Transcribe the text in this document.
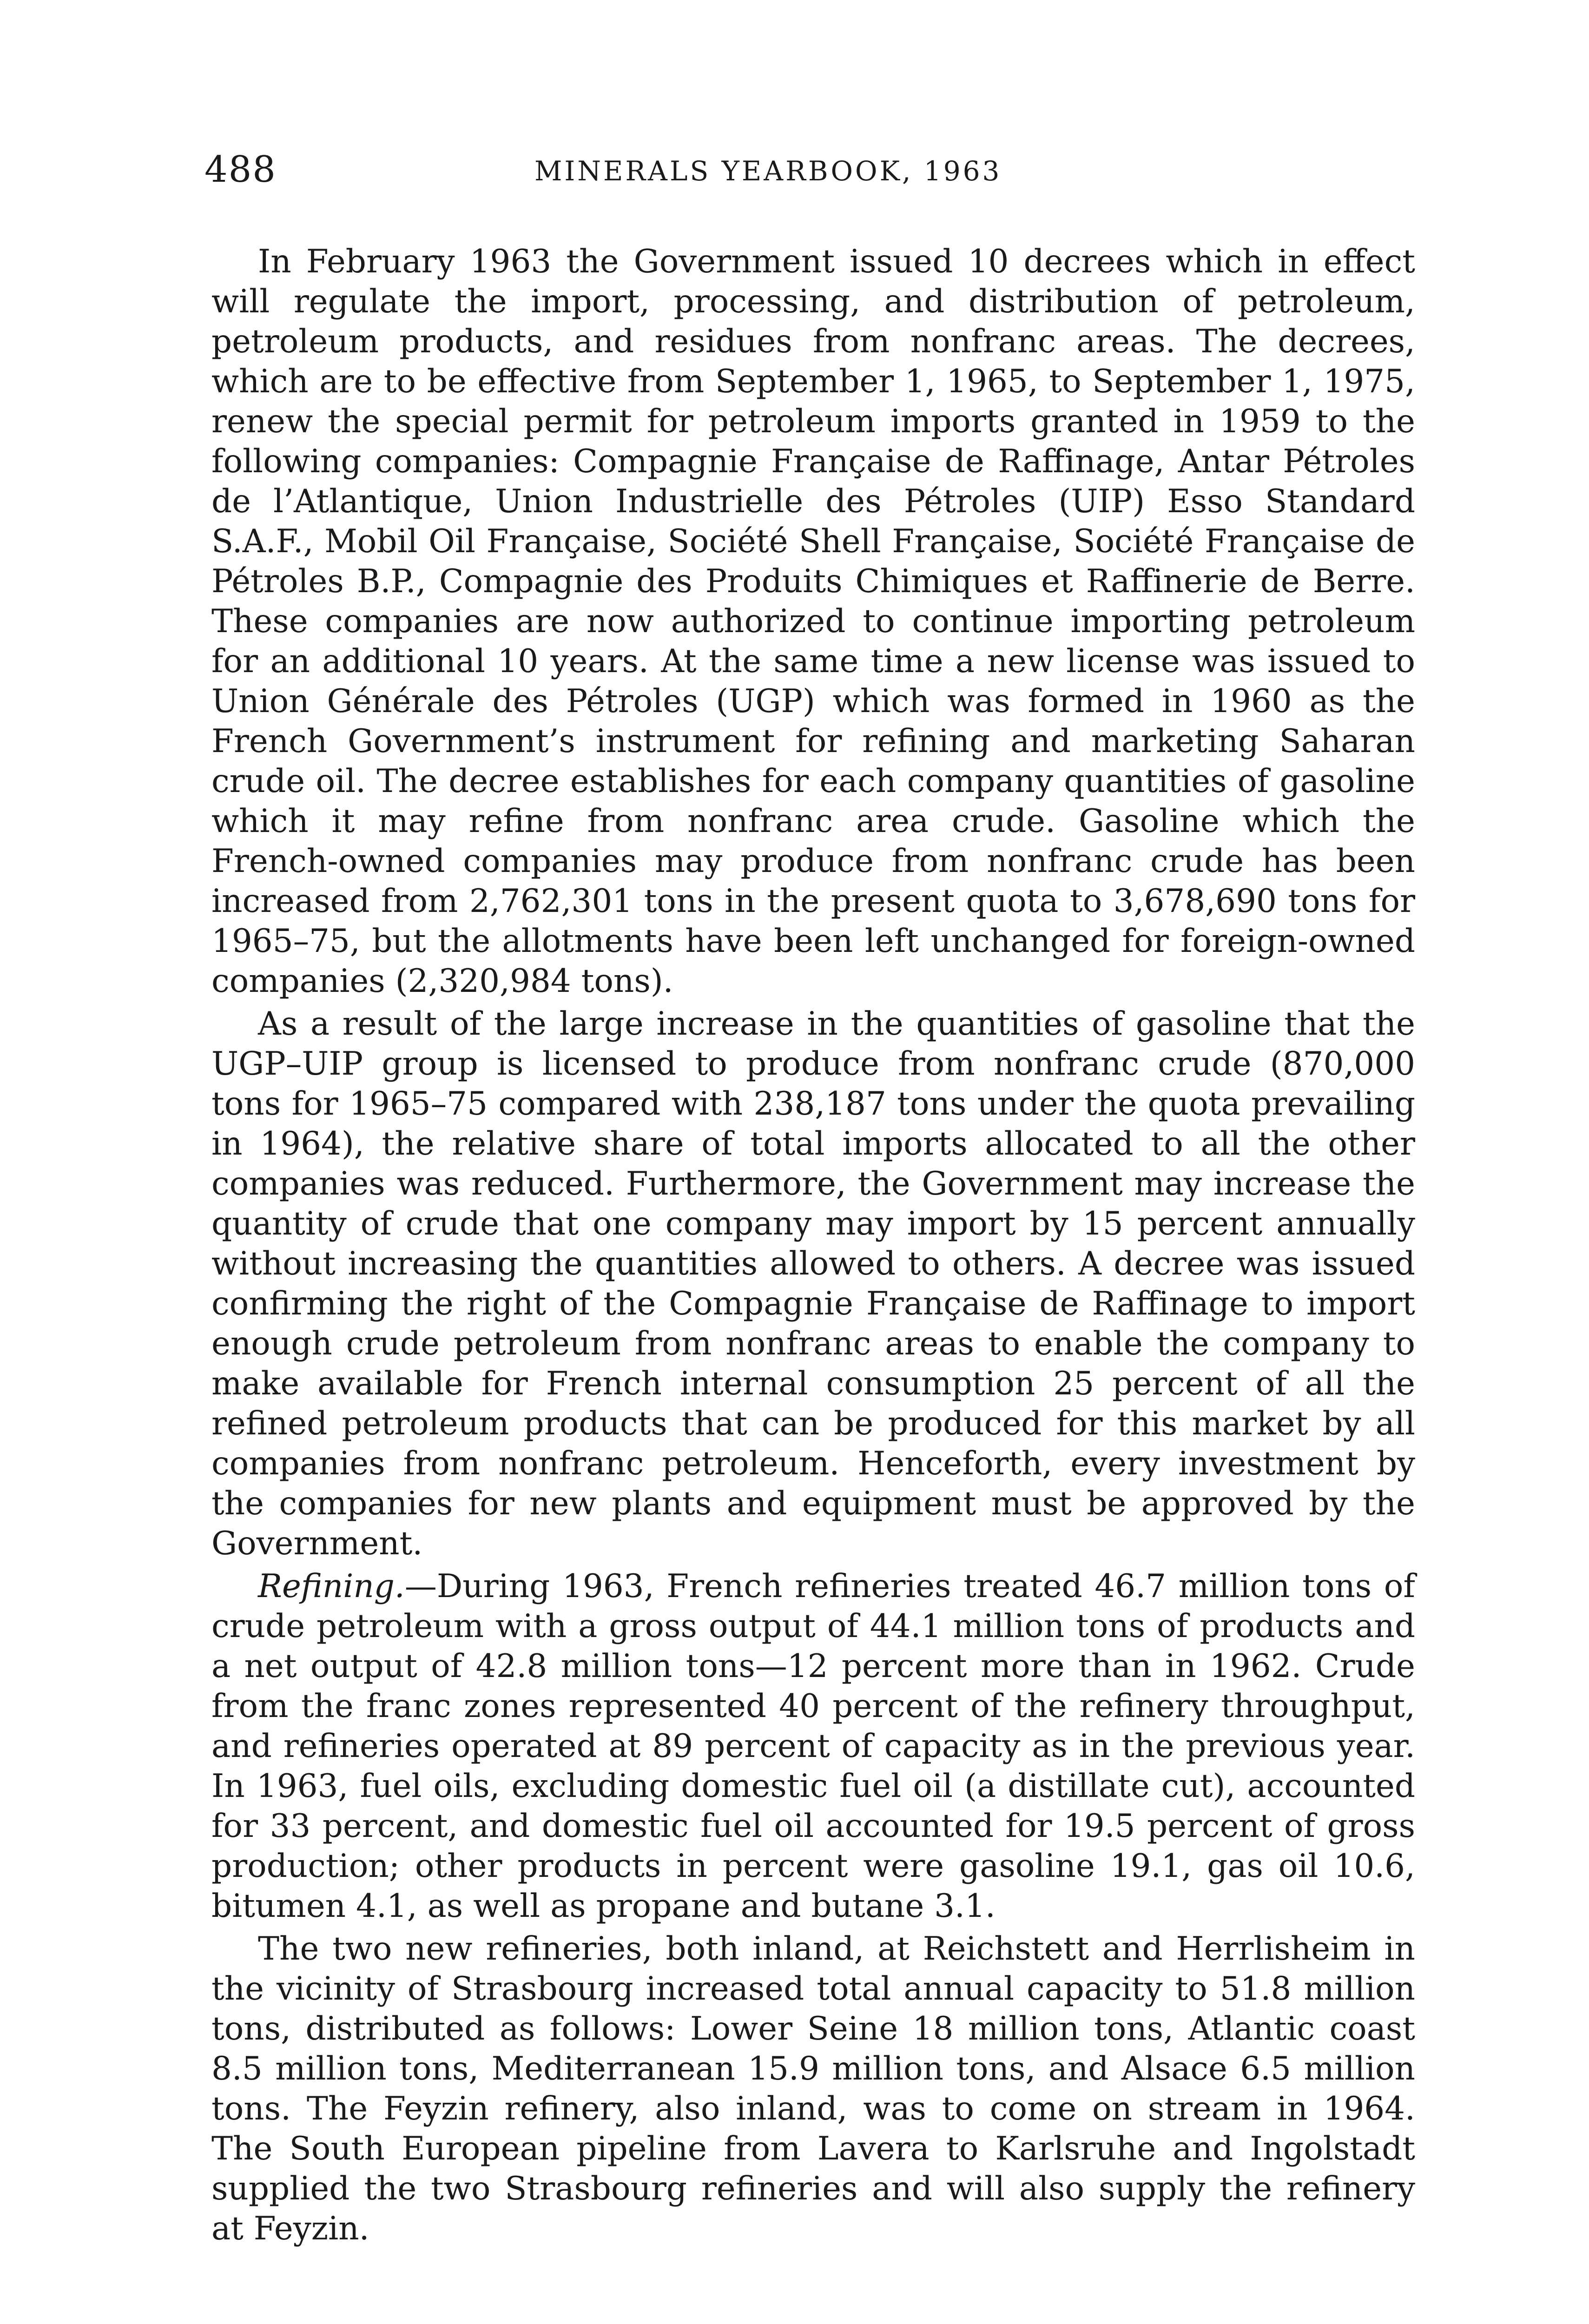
488	MINERALS YEARBOOK, 1963

In February 1963 the Government issued 10 decrees which in effect will regulate the import, processing, and distribution of petroleum, petroleum products, and residues from nonfranc areas. The decrees, which are to be effective from September 1, 1965, to September 1, 1975, renew the special permit for petroleum imports granted in 1959 to the following companies: Compagnie Française de Raffinage, Antar Pétroles de l’Atlantique, Union Industrielle des Pétroles (UIP) Esso Standard S.A.F., Mobil Oil Française, Société Shell Française, Société Française de Pétroles B.P., Compagnie des Produits Chimiques et Raffinerie de Berre. These companies are now authorized to continue importing petroleum for an additional 10 years. At the same time a new license was issued to Union Générale des Pétroles (UGP) which was formed in 1960 as the French Government’s instrument for refining and marketing Saharan crude oil. The decree establishes for each company quantities of gasoline which it may refine from nonfranc area crude. Gasoline which the French-owned companies may produce from nonfranc crude has been increased from 2,762,301 tons in the present quota to 3,678,690 tons for 1965–75, but the allotments have been left unchanged for foreign-owned companies (2,320,984 tons).

As a result of the large increase in the quantities of gasoline that the UGP–UIP group is licensed to produce from nonfranc crude (870,000 tons for 1965–75 compared with 238,187 tons under the quota prevailing in 1964), the relative share of total imports allocated to all the other companies was reduced. Furthermore, the Government may increase the quantity of crude that one company may import by 15 percent annually without increasing the quantities allowed to others. A decree was issued confirming the right of the Compagnie Française de Raffinage to import enough crude petroleum from nonfranc areas to enable the company to make available for French internal consumption 25 percent of all the refined petroleum products that can be produced for this market by all companies from nonfranc petroleum. Henceforth, every investment by the companies for new plants and equipment must be approved by the Government.

Refining.—During 1963, French refineries treated 46.7 million tons of crude petroleum with a gross output of 44.1 million tons of products and a net output of 42.8 million tons—12 percent more than in 1962. Crude from the franc zones represented 40 percent of the refinery throughput, and refineries operated at 89 percent of capacity as in the previous year. In 1963, fuel oils, excluding domestic fuel oil (a distillate cut), accounted for 33 percent, and domestic fuel oil accounted for 19.5 percent of gross production; other products in percent were gasoline 19.1, gas oil 10.6, bitumen 4.1, as well as propane and butane 3.1.

The two new refineries, both inland, at Reichstett and Herrlisheim in the vicinity of Strasbourg increased total annual capacity to 51.8 million tons, distributed as follows: Lower Seine 18 million tons, Atlantic coast 8.5 million tons, Mediterranean 15.9 million tons, and Alsace 6.5 million tons. The Feyzin refinery, also inland, was to come on stream in 1964. The South European pipeline from Lavera to Karlsruhe and Ingolstadt supplied the two Strasbourg refineries and will also supply the refinery at Feyzin.
